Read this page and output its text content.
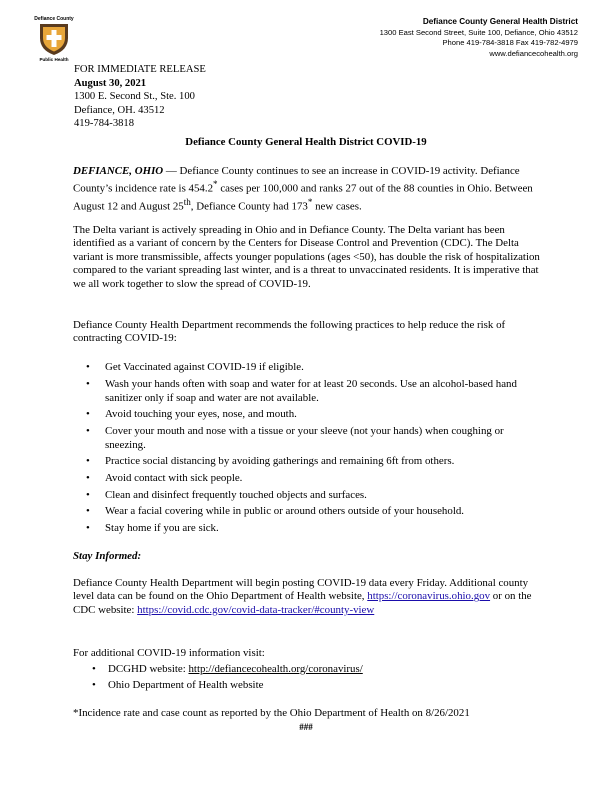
Defiance County
Public Health
Defiance County General Health District
1300 East Second Street, Suite 100, Defiance, Ohio 43512
Phone 419-784-3818 Fax 419-782-4979
www.defiancecohealth.org
FOR IMMEDIATE RELEASE
August 30, 2021
1300 E. Second St., Ste. 100
Defiance, OH. 43512
419-784-3818
Defiance County General Health District COVID-19
DEFIANCE, OHIO — Defiance County continues to see an increase in COVID-19 activity. Defiance County’s incidence rate is 454.2* cases per 100,000 and ranks 27 out of the 88 counties in Ohio. Between August 12 and August 25th, Defiance County had 173* new cases.
The Delta variant is actively spreading in Ohio and in Defiance County. The Delta variant has been identified as a variant of concern by the Centers for Disease Control and Prevention (CDC). The Delta variant is more transmissible, affects younger populations (ages <50), has double the risk of hospitalization compared to the variant spreading last winter, and is a threat to unvaccinated residents. It is imperative that we all work together to slow the spread of COVID-19.
Defiance County Health Department recommends the following practices to help reduce the risk of contracting COVID-19:
• Get Vaccinated against COVID-19 if eligible.
• Wash your hands often with soap and water for at least 20 seconds. Use an alcohol-based hand sanitizer only if soap and water are not available.
• Avoid touching your eyes, nose, and mouth.
• Cover your mouth and nose with a tissue or your sleeve (not your hands) when coughing or sneezing.
• Practice social distancing by avoiding gatherings and remaining 6ft from others.
• Avoid contact with sick people.
• Clean and disinfect frequently touched objects and surfaces.
• Wear a facial covering while in public or around others outside of your household.
• Stay home if you are sick.
Stay Informed:
Defiance County Health Department will begin posting COVID-19 data every Friday. Additional county level data can be found on the Ohio Department of Health website, https://coronavirus.ohio.gov or on the CDC website: https://covid.cdc.gov/covid-data-tracker/#county-view
For additional COVID-19 information visit:
• DCGHD website: http://defiancecohealth.org/coronavirus/
• Ohio Department of Health website
*Incidence rate and case count as reported by the Ohio Department of Health on 8/26/2021
###
